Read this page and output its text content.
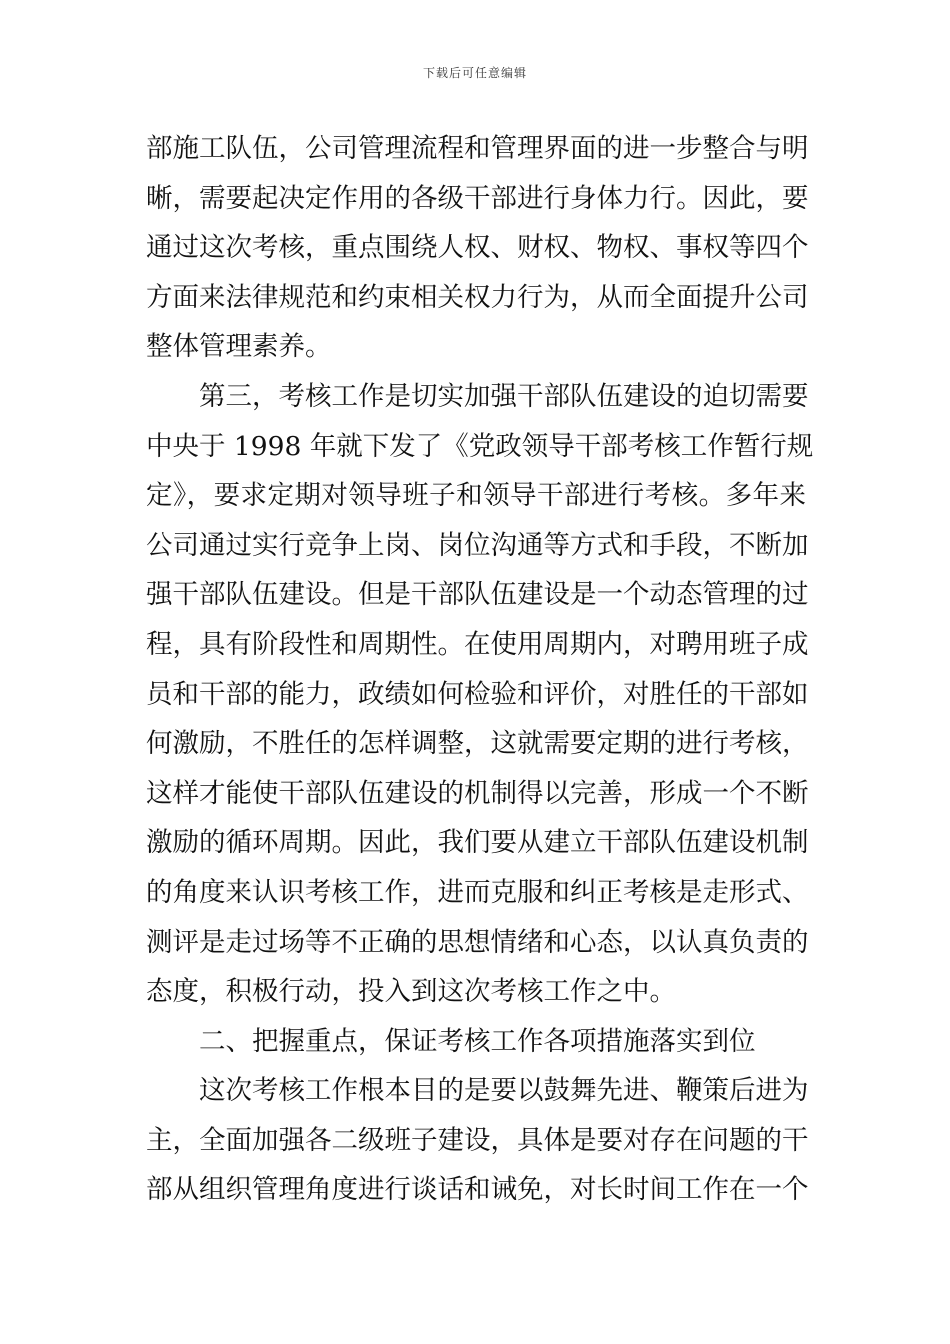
下载后可任意编辑
部施工队伍，公司管理流程和管理界面的进一步整合与明
晰，需要起决定作用的各级干部进行身体力行。因此，要
通过这次考核，重点围绕人权、财权、物权、事权等四个
方面来法律规范和约束相关权力行为，从而全面提升公司
整体管理素养。
第三，考核工作是切实加强干部队伍建设的迫切需要
中央于 1998 年就下发了《党政领导干部考核工作暂行规
定》，要求定期对领导班子和领导干部进行考核。多年来
公司通过实行竞争上岗、岗位沟通等方式和手段，不断加
强干部队伍建设。但是干部队伍建设是一个动态管理的过
程，具有阶段性和周期性。在使用周期内，对聘用班子成
员和干部的能力，政绩如何检验和评价，对胜任的干部如
何激励，不胜任的怎样调整，这就需要定期的进行考核，
这样才能使干部队伍建设的机制得以完善，形成一个不断
激励的循环周期。因此，我们要从建立干部队伍建设机制
的角度来认识考核工作，进而克服和纠正考核是走形式、
测评是走过场等不正确的思想情绪和心态，以认真负责的
态度，积极行动，投入到这次考核工作之中。
二、把握重点，保证考核工作各项措施落实到位
这次考核工作根本目的是要以鼓舞先进、鞭策后进为
主，全面加强各二级班子建设，具体是要对存在问题的干
部从组织管理角度进行谈话和诫免，对长时间工作在一个
